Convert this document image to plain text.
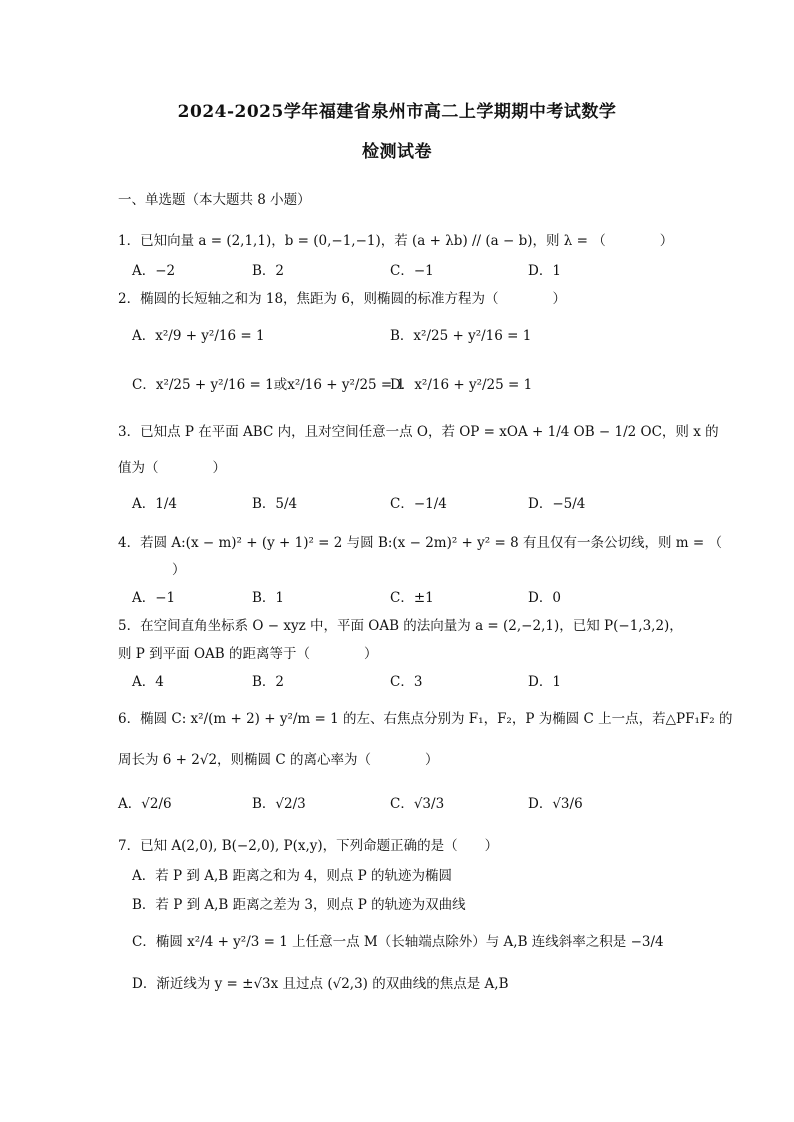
2024-2025学年福建省泉州市高二上学期期中考试数学
检测试卷
一、单选题（本大题共 8 小题）
1．已知向量 a = (2,1,1)，b = (0,−1,−1)，若 (a + λb) // (a − b)，则 λ = （　　　　）
A．−2	B．2	C．−1	D．1
2．椭圆的长短轴之和为 18，焦距为 6，则椭圆的标准方程为（　　　　）
A．x²/9 + y²/16 = 1	B．x²/25 + y²/16 = 1
C．x²/25 + y²/16 = 1或x²/16 + y²/25 = 1
D．x²/16 + y²/25 = 1
3．已知点 P 在平面 ABC 内，且对空间任意一点 O，若 OP = xOA + 1/4 OB − 1/2 OC，则 x 的
值为（　　　　）
A．1/4	B．5/4	C．−1/4	D．−5/4
4．若圆 A:(x − m)² + (y + 1)² = 2 与圆 B:(x − 2m)² + y² = 8 有且仅有一条公切线，则 m = （
）
A．−1	B．1	C．±1	D．0
5．在空间直角坐标系 O − xyz 中，平面 OAB 的法向量为 a = (2,−2,1)，已知 P(−1,3,2)，
则 P 到平面 OAB 的距离等于（　　　　）
A．4	B．2	C．3	D．1
6．椭圆 C: x²/(m + 2) + y²/m = 1 的左、右焦点分别为 F₁，F₂，P 为椭圆 C 上一点，若△PF₁F₂ 的
周长为 6 + 2√2，则椭圆 C 的离心率为（　　　　）
A．√2/6	B．√2/3	C．√3/3	D．√3/6
7．已知 A(2,0), B(−2,0), P(x,y)，下列命题正确的是（　　）
A．若 P 到 A,B 距离之和为 4，则点 P 的轨迹为椭圆
B．若 P 到 A,B 距离之差为 3，则点 P 的轨迹为双曲线
C．椭圆 x²/4 + y²/3 = 1 上任意一点 M（长轴端点除外）与 A,B 连线斜率之积是 −3/4
D．渐近线为 y = ±√3x 且过点 (√2,3) 的双曲线的焦点是 A,B
